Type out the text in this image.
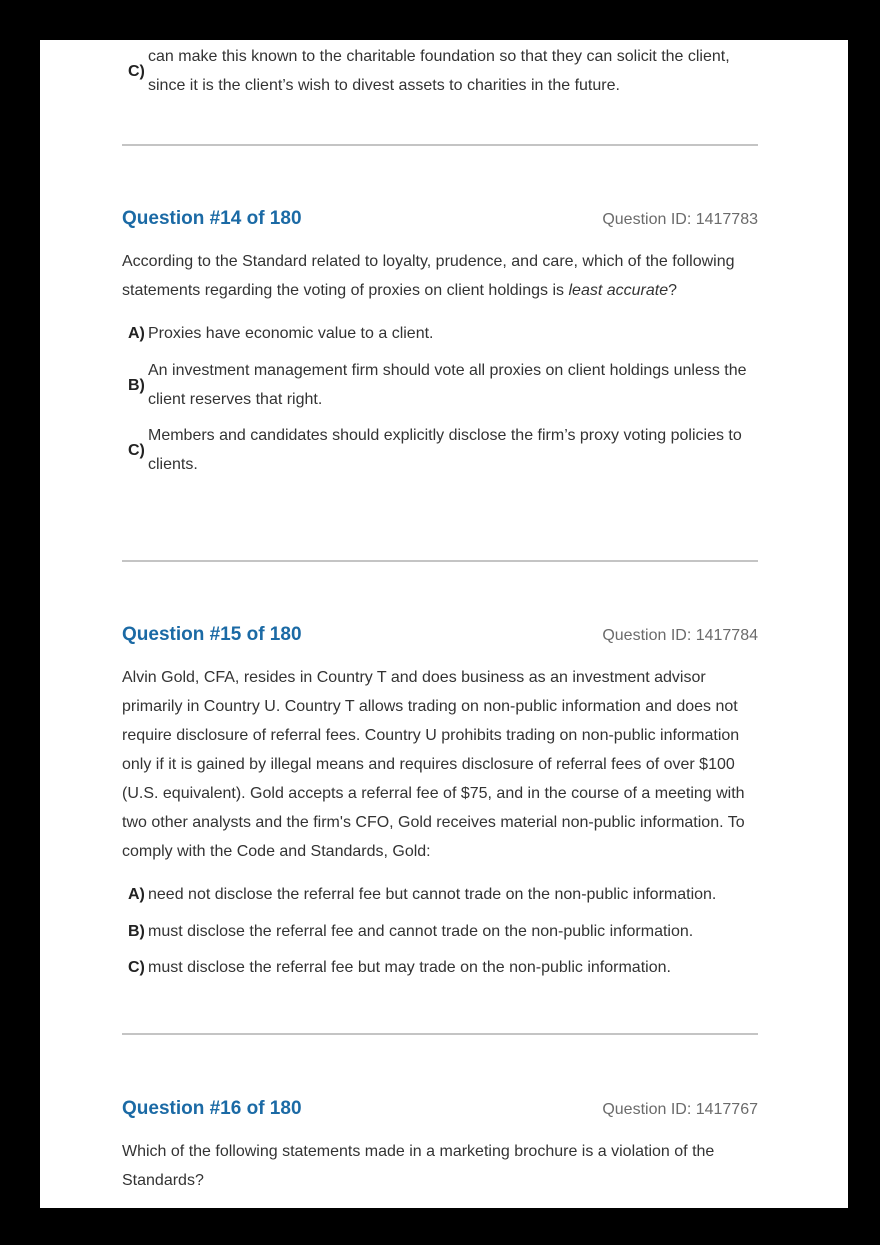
C)
can make this known to the charitable foundation so that they can solicit the client, since it is the client’s wish to divest assets to charities in the future.
Question #14 of 180	Question ID: 1417783
According to the Standard related to loyalty, prudence, and care, which of the following statements regarding the voting of proxies on client holdings is least accurate?
A) Proxies have economic value to a client.
B)
An investment management firm should vote all proxies on client holdings unless the client reserves that right.
C)
Members and candidates should explicitly disclose the firm’s proxy voting policies to clients.
Question #15 of 180	Question ID: 1417784
Alvin Gold, CFA, resides in Country T and does business as an investment advisor primarily in Country U. Country T allows trading on non-public information and does not require disclosure of referral fees. Country U prohibits trading on non-public information only if it is gained by illegal means and requires disclosure of referral fees of over $100 (U.S. equivalent). Gold accepts a referral fee of $75, and in the course of a meeting with two other analysts and the firm's CFO, Gold receives material non-public information. To comply with the Code and Standards, Gold:
A) need not disclose the referral fee but cannot trade on the non-public information.
B) must disclose the referral fee and cannot trade on the non-public information.
C) must disclose the referral fee but may trade on the non-public information.
Question #16 of 180	Question ID: 1417767
Which of the following statements made in a marketing brochure is a violation of the Standards?
